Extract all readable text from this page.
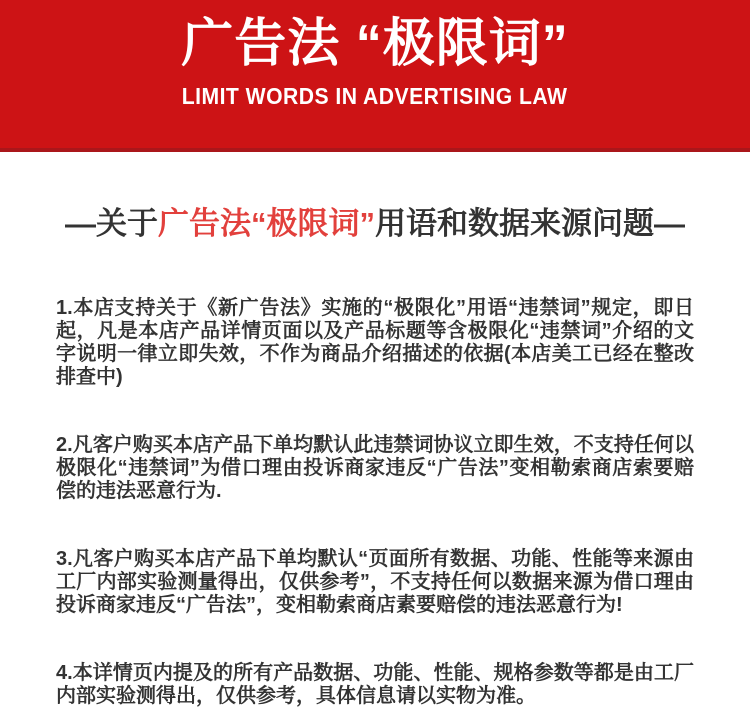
广告法 “极限词”
LIMIT WORDS IN ADVERTISING LAW
—关于广告法“极限词”用语和数据来源问题—

1.本店支持关于《新广告法》实施的“极限化”用语“违禁词”规定，即日起，凡是本店产品详情页面以及产品标题等含极限化“违禁词”介绍的文字说明一律立即失效，不作为商品介绍描述的依据(本店美工已经在整改排查中)

2.凡客户购买本店产品下单均默认此违禁词协议立即生效，不支持任何以极限化“违禁词”为借口理由投诉商家违反“广告法”变相勒索商店索要赔偿的违法恶意行为.

3.凡客户购买本店产品下单均默认“页面所有数据、功能、性能等来源由工厂内部实验测量得出，仅供参考”，不支持任何以数据来源为借口理由投诉商家违反“广告法”，变相勒索商店素要赔偿的违法恶意行为!

4.本详情页内提及的所有产品数据、功能、性能、规格参数等都是由工厂内部实验测得出，仅供参考，具体信息请以实物为准。
